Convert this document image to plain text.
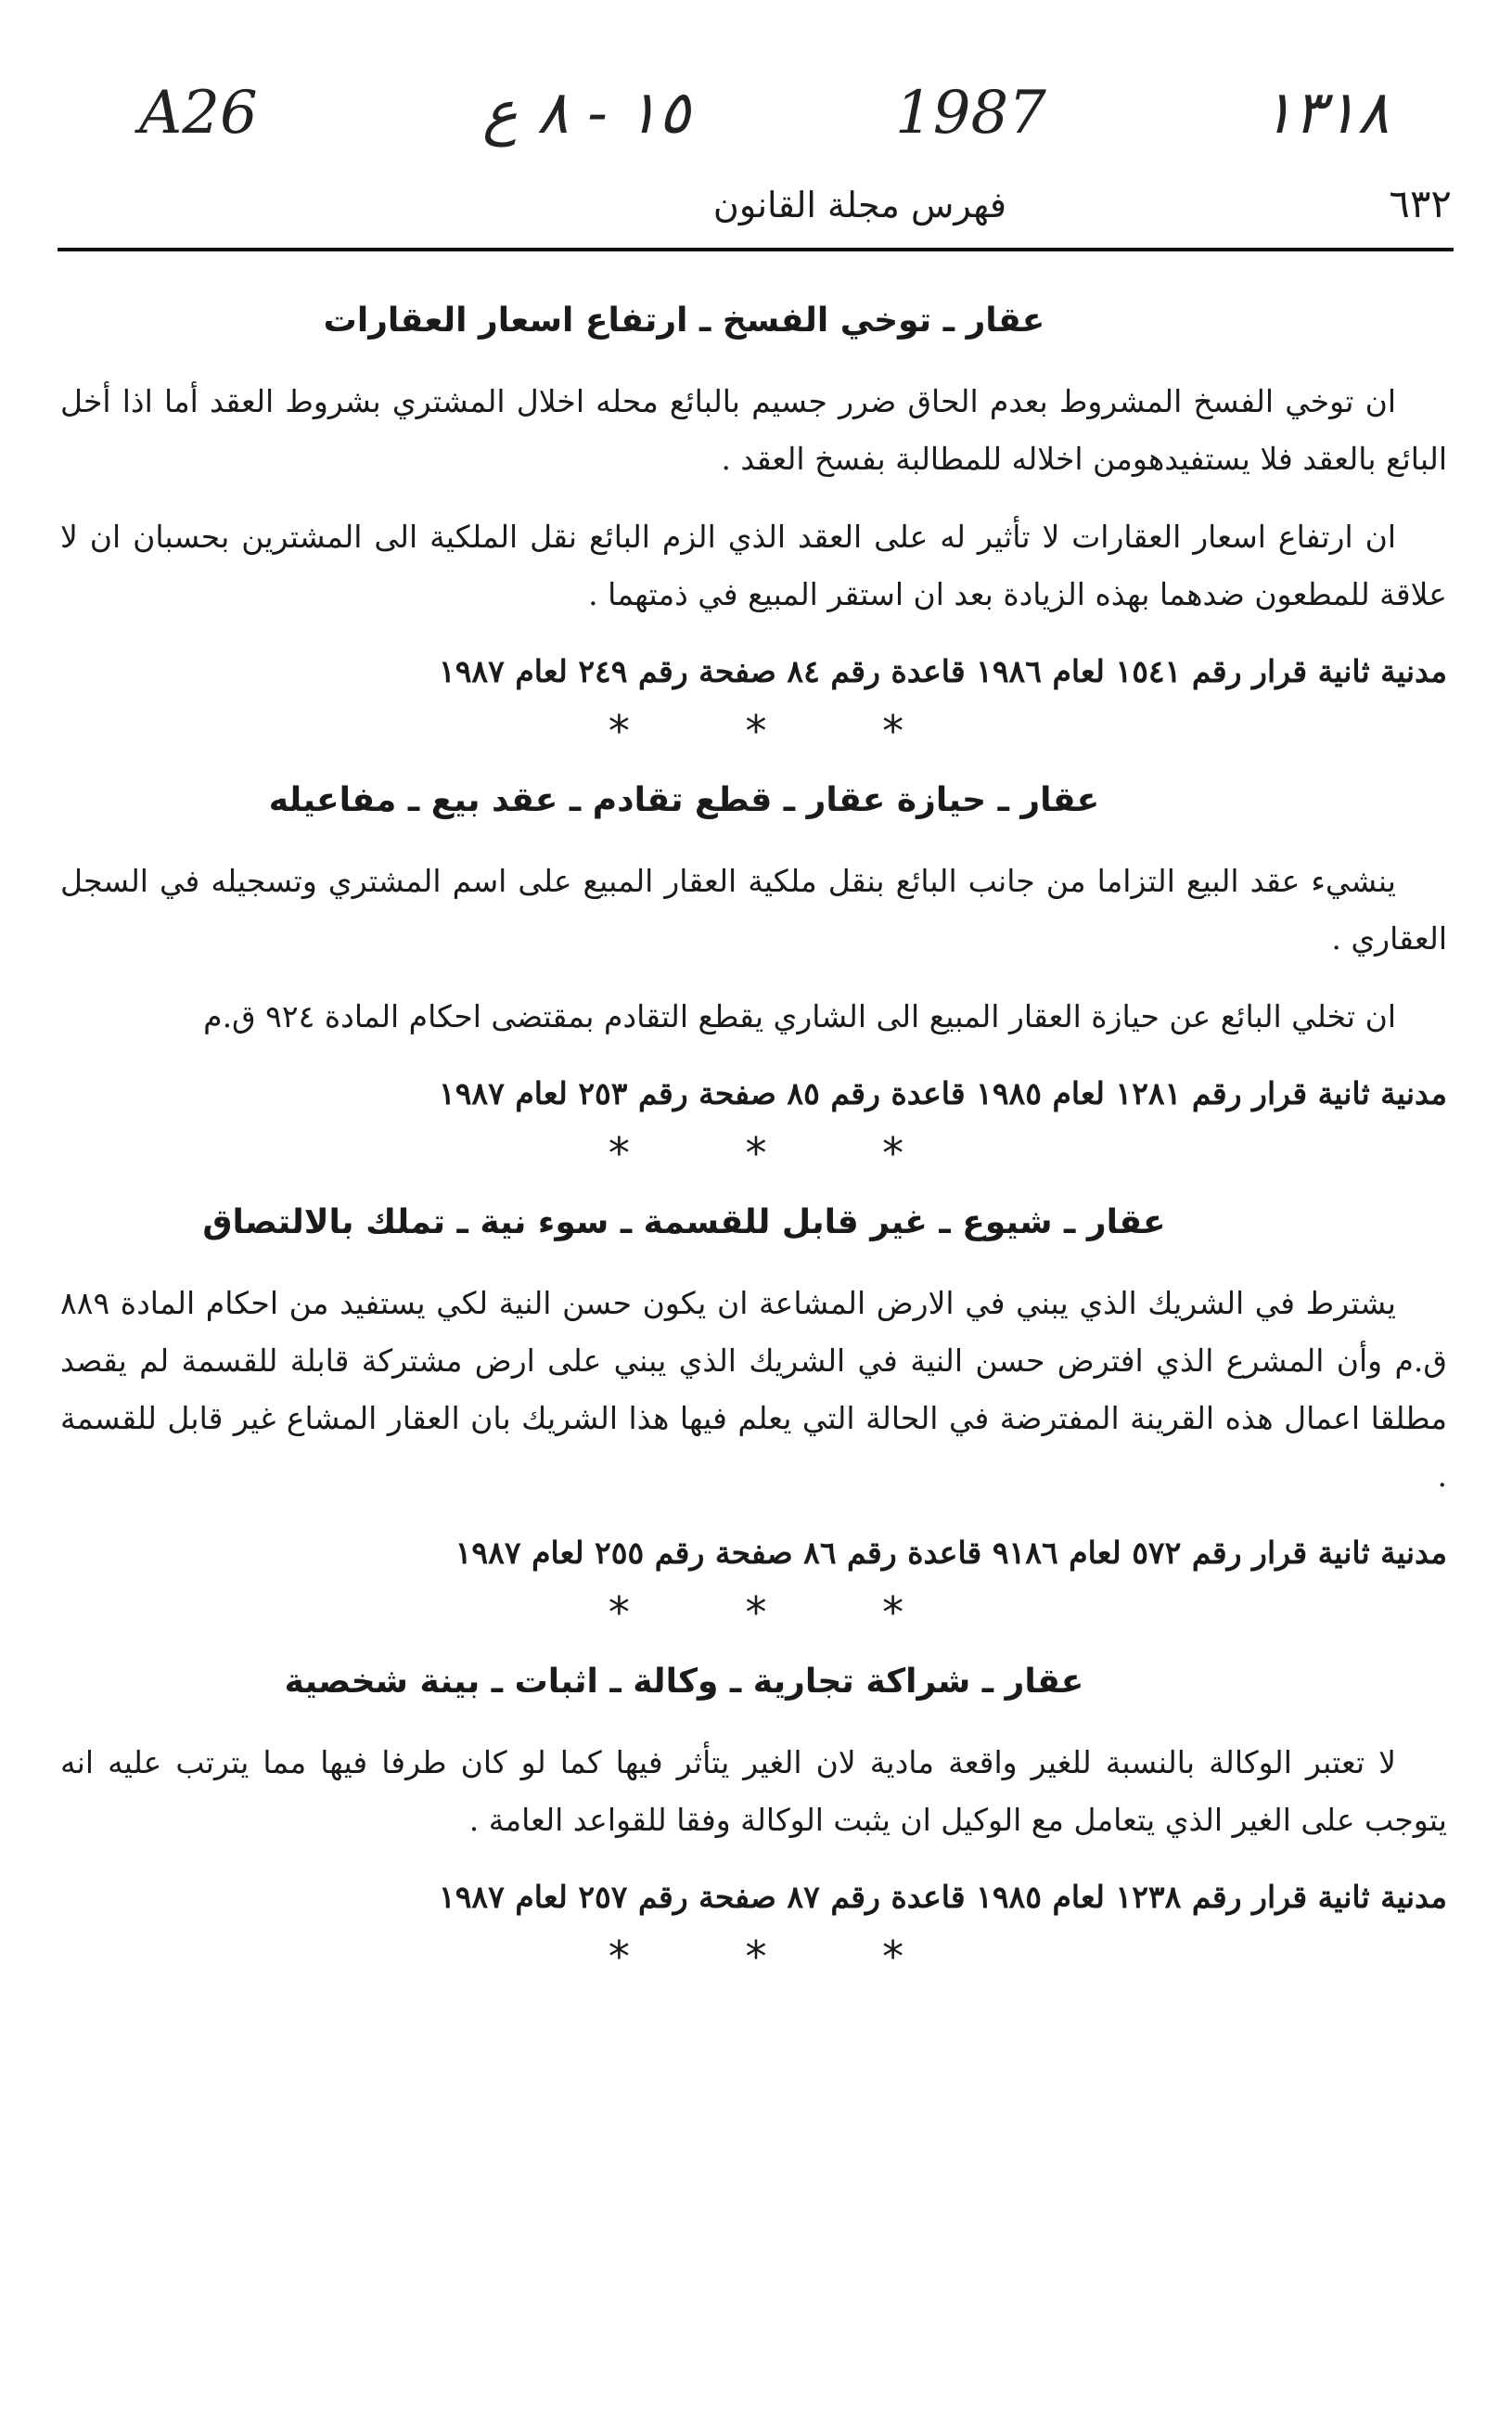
A26	١٥ - ٨ ع	1987	١٣١٨
٦٣٢
فهرس مجلة القانون
عقار ـ توخي الفسخ ـ ارتفاع اسعار العقارات

ان توخي الفسخ المشروط بعدم الحاق ضرر جسيم بالبائع محله اخلال المشتري بشروط العقد أما اذا أخل البائع بالعقد فلا يستفيدهومن اخلاله للمطالبة بفسخ العقد .

ان ارتفاع اسعار العقارات لا تأثير له على العقد الذي الزم البائع نقل الملكية الى المشترين بحسبان ان لا علاقة للمطعون ضدهما بهذه الزيادة بعد ان استقر المبيع في ذمتهما .

مدنية ثانية قرار رقم ١٥٤١ لعام ١٩٨٦ قاعدة رقم ٨٤ صفحة رقم ٢٤٩ لعام ١٩٨٧

* * *
عقار ـ حيازة عقار ـ قطع تقادم ـ عقد بيع ـ مفاعيله

ينشيء عقد البيع التزاما من جانب البائع بنقل ملكية العقار المبيع على اسم المشتري وتسجيله في السجل العقاري .

ان تخلي البائع عن حيازة العقار المبيع الى الشاري يقطع التقادم بمقتضى احكام المادة ٩٢٤ ق.م

مدنية ثانية قرار رقم ١٢٨١ لعام ١٩٨٥ قاعدة رقم ٨٥ صفحة رقم ٢٥٣ لعام ١٩٨٧

* * *
عقار ـ شيوع ـ غير قابل للقسمة ـ سوء نية ـ تملك بالالتصاق

يشترط في الشريك الذي يبني في الارض المشاعة ان يكون حسن النية لكي يستفيد من احكام المادة ٨٨٩ ق.م وأن المشرع الذي افترض حسن النية في الشريك الذي يبني على ارض مشتركة قابلة للقسمة لم يقصد مطلقا اعمال هذه القرينة المفترضة في الحالة التي يعلم فيها هذا الشريك بان العقار المشاع غير قابل للقسمة .

مدنية ثانية قرار رقم ٥٧٢ لعام ٩١٨٦ قاعدة رقم ٨٦ صفحة رقم ٢٥٥ لعام ١٩٨٧

* * *
عقار ـ شراكة تجارية ـ وكالة ـ اثبات ـ بينة شخصية

لا تعتبر الوكالة بالنسبة للغير واقعة مادية لان الغير يتأثر فيها كما لو كان طرفا فيها مما يترتب عليه انه يتوجب على الغير الذي يتعامل مع الوكيل ان يثبت الوكالة وفقا للقواعد العامة .

مدنية ثانية قرار رقم ١٢٣٨ لعام ١٩٨٥ قاعدة رقم ٨٧ صفحة رقم ٢٥٧ لعام ١٩٨٧

* * *
